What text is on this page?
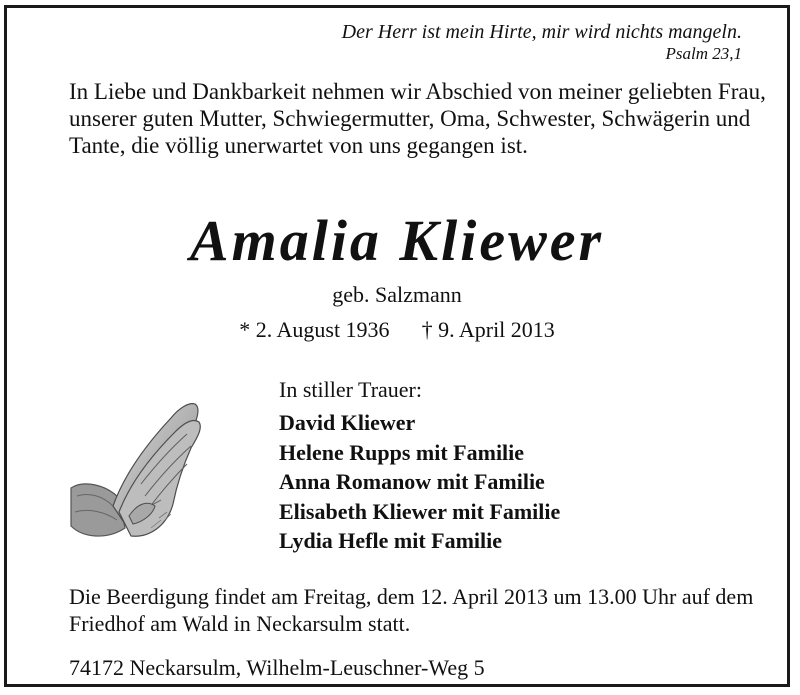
Der Herr ist mein Hirte, mir wird nichts mangeln.
Psalm 23,1
In Liebe und Dankbarkeit nehmen wir Abschied von meiner geliebten Frau, unserer guten Mutter, Schwiegermutter, Oma, Schwester, Schwägerin und Tante, die völlig unerwartet von uns gegangen ist.
Amalia Kliewer
geb. Salzmann
* 2. August 1936 † 9. April 2013
In stiller Trauer:
David Kliewer
Helene Rupps mit Familie
Anna Romanow mit Familie
Elisabeth Kliewer mit Familie
Lydia Hefle mit Familie
Die Beerdigung findet am Freitag, dem 12. April 2013 um 13.00 Uhr auf dem Friedhof am Wald in Neckarsulm statt.
74172 Neckarsulm, Wilhelm-Leuschner-Weg 5
